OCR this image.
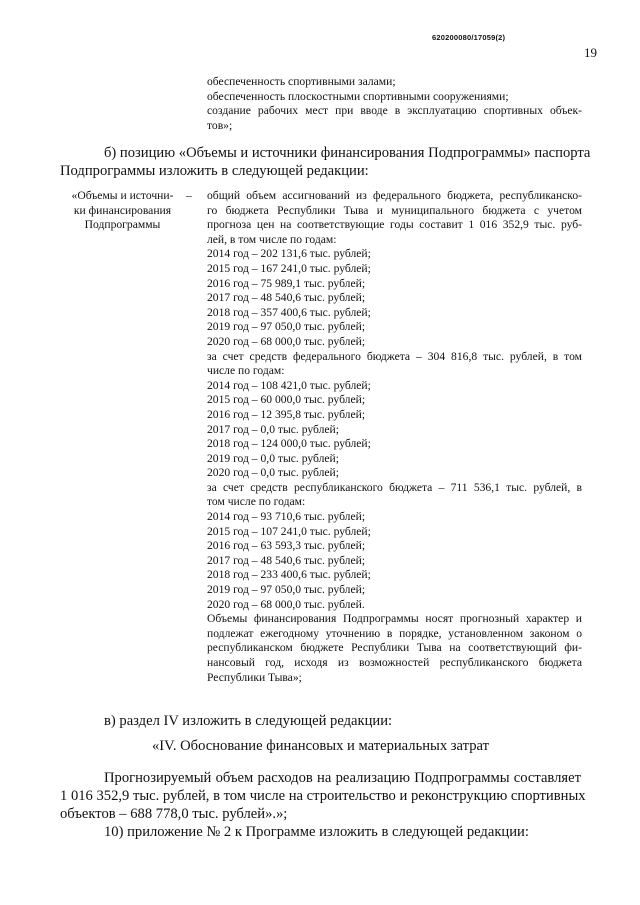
620200080/17059(2)
19
обеспеченность спортивными залами;
обеспеченность плоскостными спортивными сооружениями;
создание рабочих мест при вводе в эксплуатацию спортивных объек-
тов»;
б) позицию «Объемы и источники финансирования Подпрограммы» паспорта
Подпрограммы изложить в следующей редакции:
«Объемы и источни-
ки финансирования
Подпрограммы
– общий объем ассигнований из федерального бюджета, республиканско-
го бюджета Республики Тыва и муниципального бюджета с учетом
прогноза цен на соответствующие годы составит 1 016 352,9 тыс. руб-
лей, в том числе по годам:
2014 год – 202 131,6 тыс. рублей;
2015 год – 167 241,0 тыс. рублей;
2016 год – 75 989,1 тыс. рублей;
2017 год – 48 540,6 тыс. рублей;
2018 год – 357 400,6 тыс. рублей;
2019 год – 97 050,0 тыс. рублей;
2020 год – 68 000,0 тыс. рублей;
за счет средств федерального бюджета – 304 816,8 тыс. рублей, в том
числе по годам:
2014 год – 108 421,0 тыс. рублей;
2015 год – 60 000,0 тыс. рублей;
2016 год – 12 395,8 тыс. рублей;
2017 год – 0,0 тыс. рублей;
2018 год – 124 000,0 тыс. рублей;
2019 год – 0,0 тыс. рублей;
2020 год – 0,0 тыс. рублей;
за счет средств республиканского бюджета – 711 536,1 тыс. рублей, в
том числе по годам:
2014 год – 93 710,6 тыс. рублей;
2015 год – 107 241,0 тыс. рублей;
2016 год – 63 593,3 тыс. рублей;
2017 год – 48 540,6 тыс. рублей;
2018 год – 233 400,6 тыс. рублей;
2019 год – 97 050,0 тыс. рублей;
2020 год – 68 000,0 тыс. рублей.
Объемы финансирования Подпрограммы носят прогнозный характер и
подлежат ежегодному уточнению в порядке, установленном законом о
республиканском бюджете Республики Тыва на соответствующий фи-
нансовый год, исходя из возможностей республиканского бюджета
Республики Тыва»;
в) раздел IV изложить в следующей редакции:
«IV. Обоснование финансовых и материальных затрат
Прогнозируемый объем расходов на реализацию Подпрограммы составляет
1 016 352,9 тыс. рублей, в том числе на строительство и реконструкцию спортивных
объектов – 688 778,0 тыс. рублей».»;
10) приложение № 2 к Программе изложить в следующей редакции:
